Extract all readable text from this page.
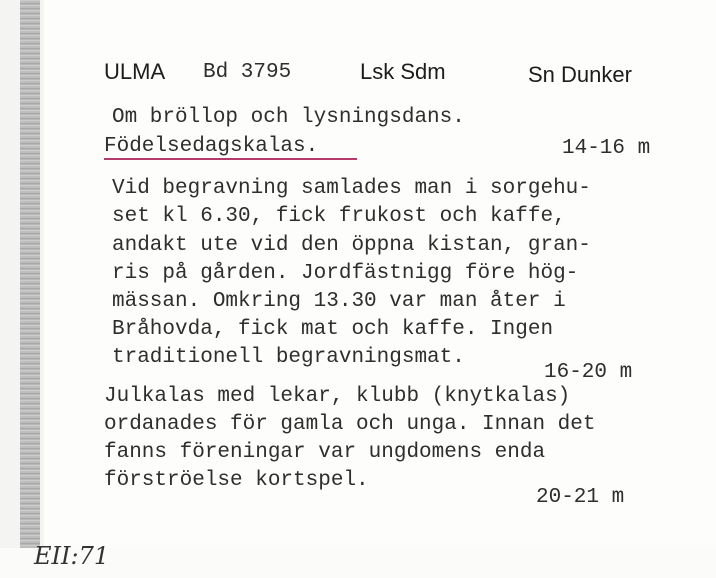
ULMA Bd 3795	Lsk Sdm	Sn Dunker
Om bröllop och lysningsdans.
Födelsedagskalas.	14-16 m
Vid begravning samlades man i sorgehu-
set kl 6.30, fick frukost och kaffe,
andakt ute vid den öppna kistan, gran-
ris på gården. Jordfästnigg före hög-
mässan. Omkring 13.30 var man åter i
Bråhovda, fick mat och kaffe. Ingen
traditionell begravningsmat.
16-20 m
Julkalas med lekar, klubb (knytkalas)
ordanades för gamla och unga. Innan det
fanns föreningar var ungdomens enda
förströelse kortspel.
20-21 m
EII:71
